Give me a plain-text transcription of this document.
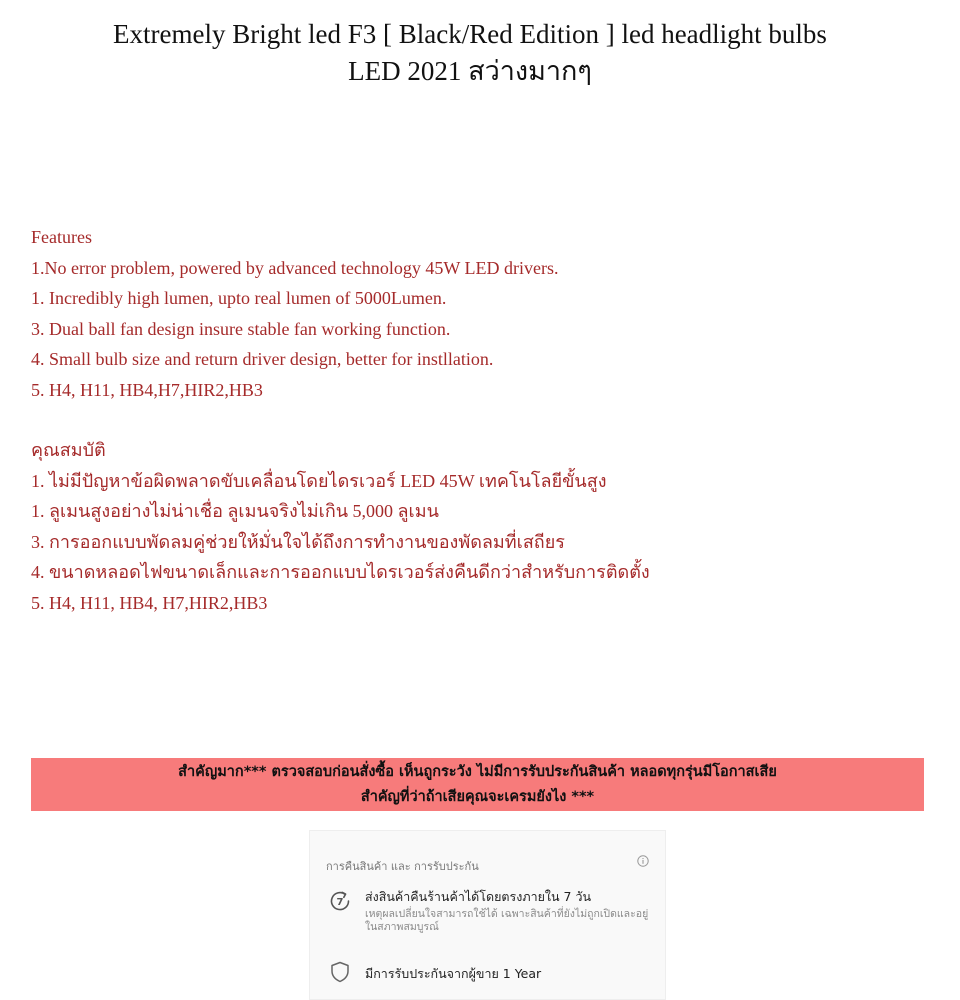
Extremely Bright led F3 [ Black/Red Edition ] led headlight bulbs
LED 2021 สว่างมากๆ
Features
1.No error problem, powered by advanced technology 45W LED drivers.
1. Incredibly high lumen, upto real lumen of 5000Lumen.
3. Dual ball fan design insure stable fan working function.
4. Small bulb size and return driver design, better for instllation.
5. H4, H11, HB4,H7,HIR2,HB3
คุณสมบัติ
1. ไม่มีปัญหาข้อผิดพลาดขับเคลื่อนโดยไดรเวอร์ LED 45W เทคโนโลยีขั้นสูง
1. ลูเมนสูงอย่างไม่น่าเชื่อ ลูเมนจริงไม่เกิน 5,000 ลูเมน
3. การออกแบบพัดลมคู่ช่วยให้มั่นใจได้ถึงการทำงานของพัดลมที่เสถียร
4. ขนาดหลอดไฟขนาดเล็กและการออกแบบไดรเวอร์ส่งคืนดีกว่าสำหรับการติดตั้ง
5. H4, H11, HB4, H7,HIR2,HB3
สำคัญมาก*** ตรวจสอบก่อนสั่งซื้อ เห็นถูกระวัง ไม่มีการรับประกันสินค้า หลอดทุกรุ่นมีโอกาสเสีย
สำคัญที่ว่าถ้าเสียคุณจะเครมยังไง ***
การคืนสินค้า และ การรับประกัน
7 ส่งสินค้าคืนร้านค้าได้โดยตรงภายใน 7 วัน
เหตุผลเปลี่ยนใจสามารถใช้ได้ เฉพาะสินค้าที่ยังไม่ถูกเปิดและอยู่ในสภาพสมบูรณ์
มีการรับประกันจากผู้ขาย 1 Year
